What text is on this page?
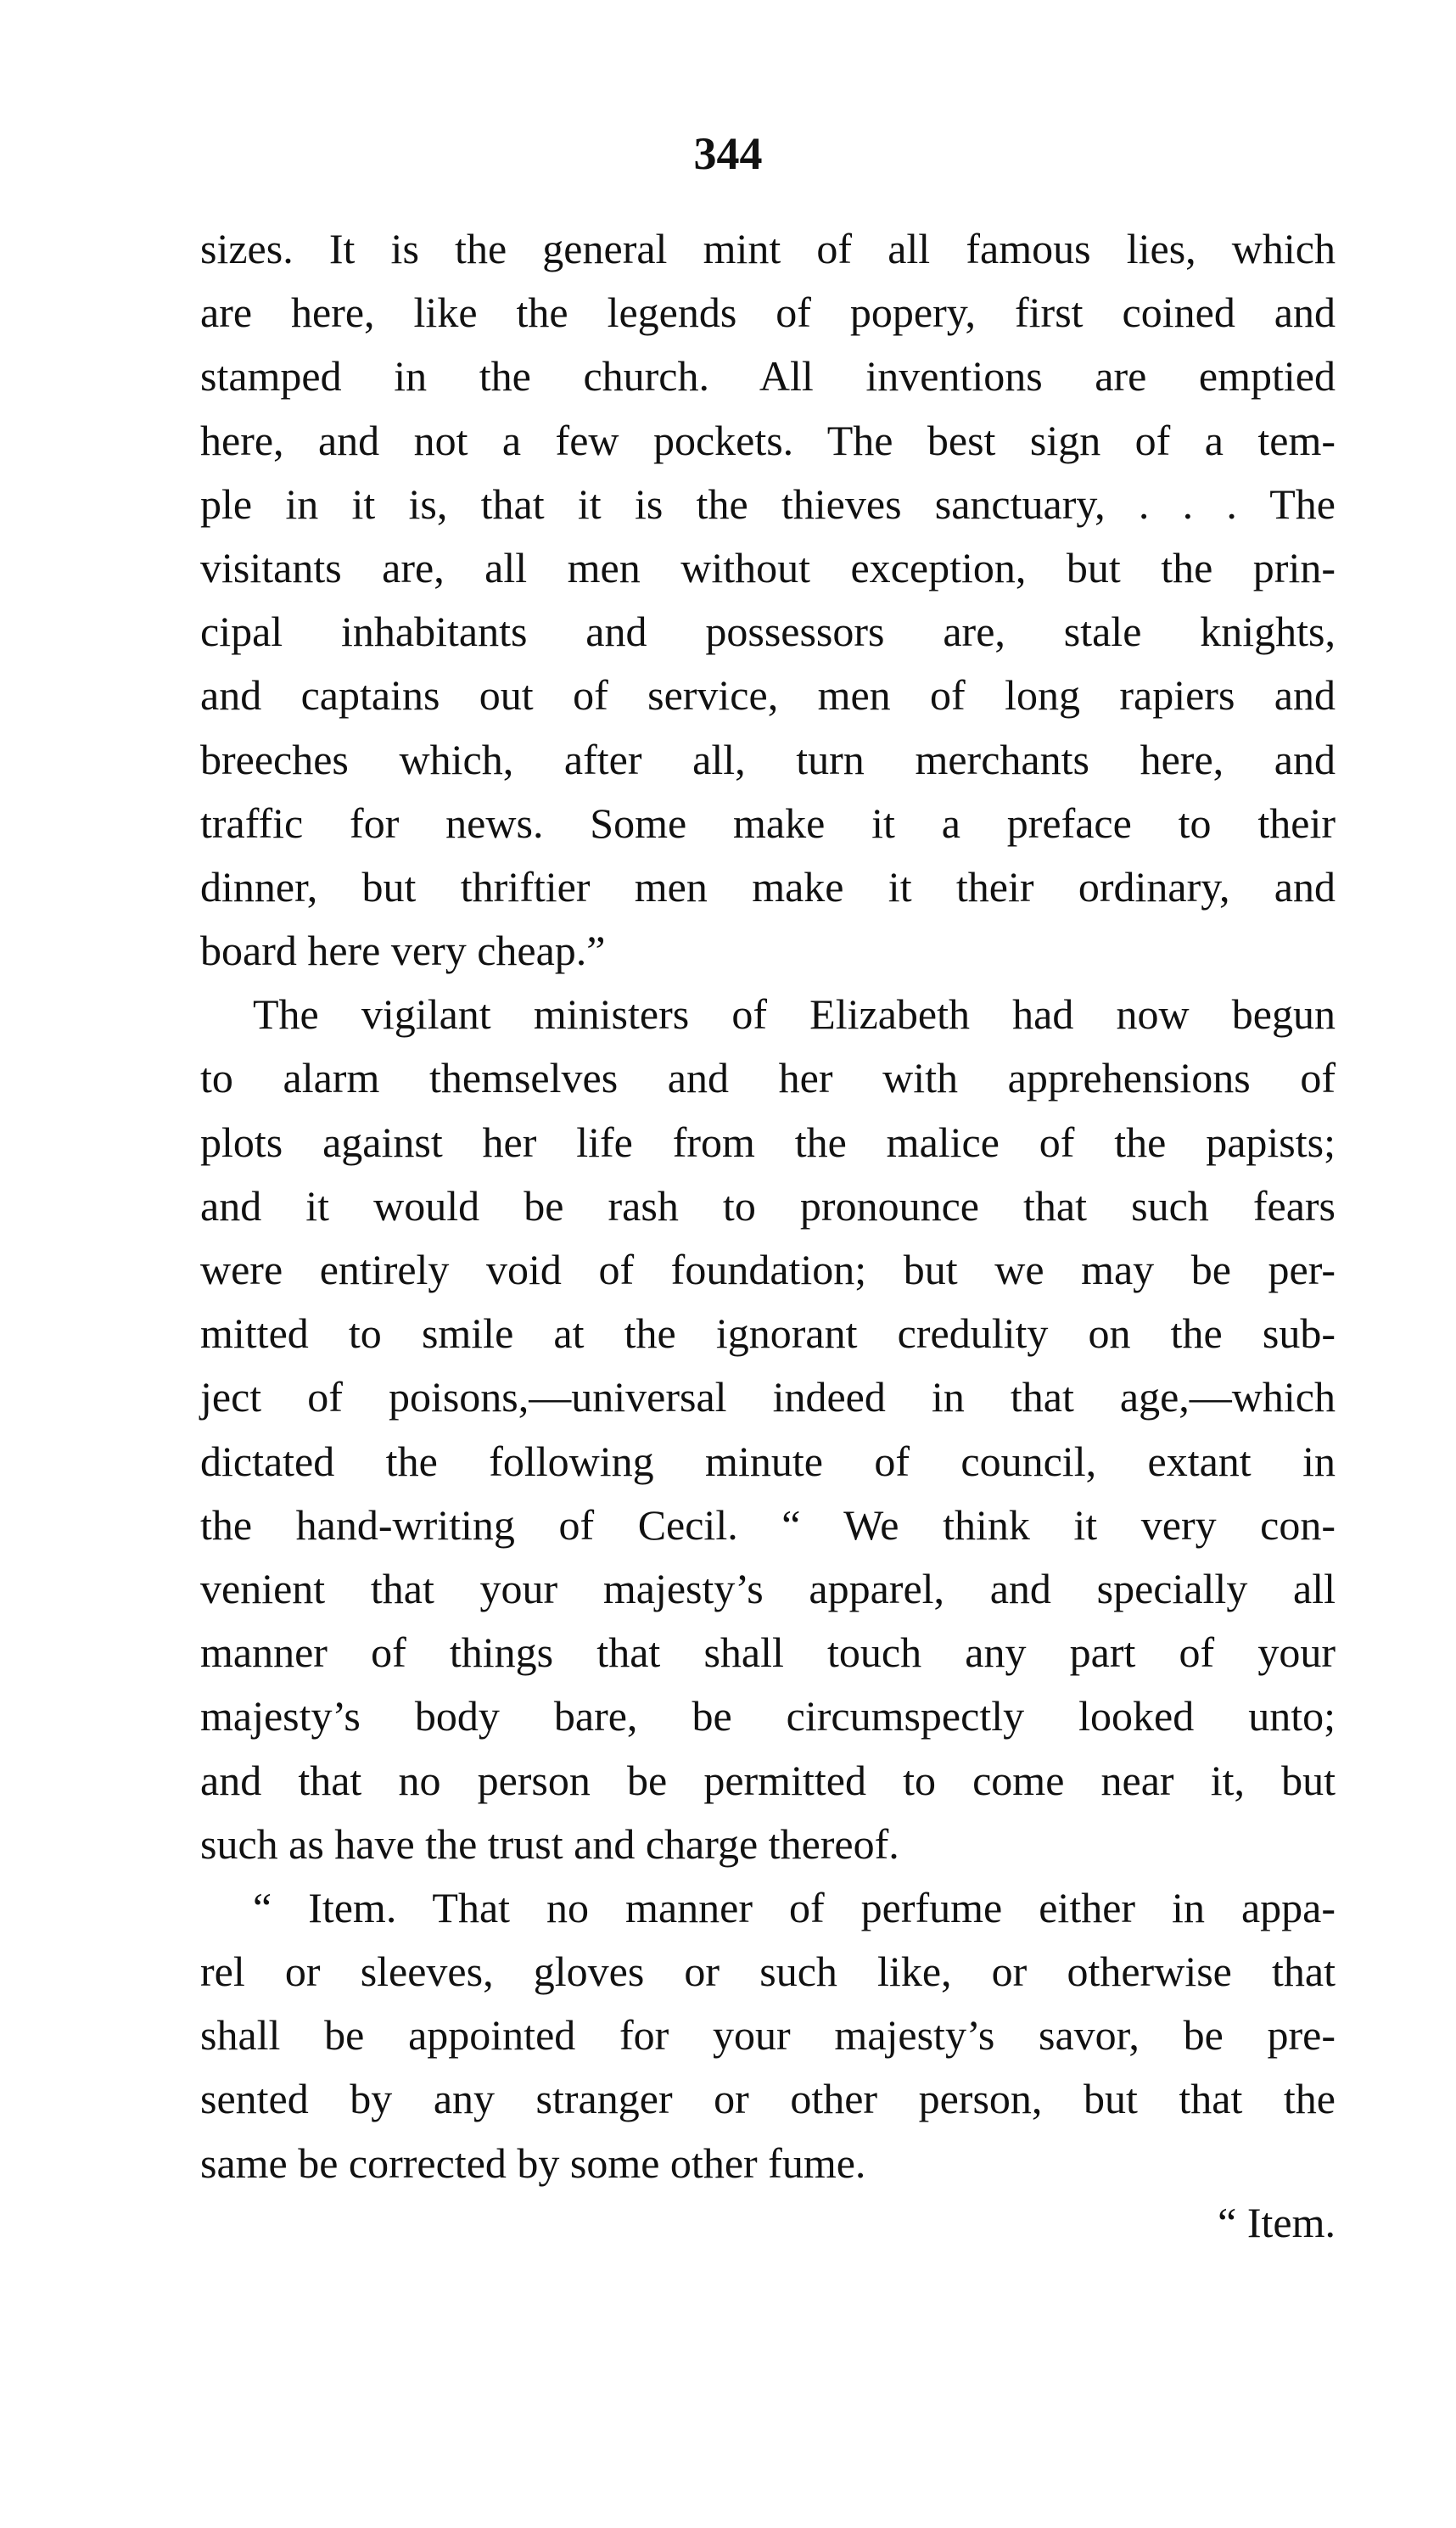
344
sizes. It is the general mint of all famous lies, which
are here, like the legends of popery, first coined and
stamped in the church. All inventions are emptied
here, and not a few pockets. The best sign of a tem-
ple in it is, that it is the thieves sanctuary, . . . The
visitants are, all men without exception, but the prin-
cipal inhabitants and possessors are, stale knights,
and captains out of service, men of long rapiers and
breeches which, after all, turn merchants here, and
traffic for news. Some make it a preface to their
dinner, but thriftier men make it their ordinary, and
board here very cheap.”
The vigilant ministers of Elizabeth had now begun
to alarm themselves and her with apprehensions of
plots against her life from the malice of the papists;
and it would be rash to pronounce that such fears
were entirely void of foundation; but we may be per-
mitted to smile at the ignorant credulity on the sub-
ject of poisons,—universal indeed in that age,—which
dictated the following minute of council, extant in
the hand-writing of Cecil. “ We think it very con-
venient that your majesty’s apparel, and specially all
manner of things that shall touch any part of your
majesty’s body bare, be circumspectly looked unto;
and that no person be permitted to come near it, but
such as have the trust and charge thereof.
“ Item. That no manner of perfume either in appa-
rel or sleeves, gloves or such like, or otherwise that
shall be appointed for your majesty’s savor, be pre-
sented by any stranger or other person, but that the
same be corrected by some other fume.
“ Item.
